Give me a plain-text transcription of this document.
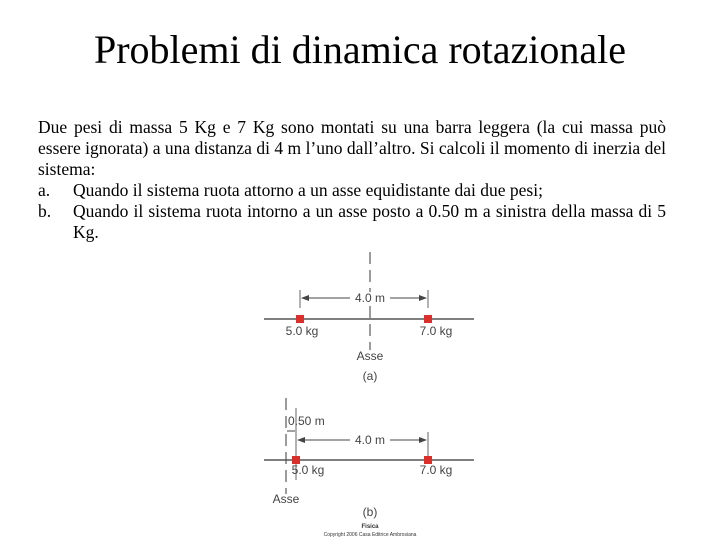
Problemi di dinamica rotazionale

Due pesi di massa 5 Kg e 7 Kg sono montati su una barra leggera (la cui massa può essere ignorata) a una distanza di 4 m l’uno dall’altro. Si calcoli il momento di inerzia del sistema:

a.	Quando il sistema ruota attorno a un asse equidistante dai due pesi;
b.	Quando il sistema ruota intorno a un asse posto a 0.50 m a sinistra della massa di 5 Kg.
4.0 m
5.0 kg	7.0 kg
Asse
(a)
0.50 m
4.0 m
5.0 kg	7.0 kg
Asse
(b)
Fisica
Copyright 2006 Casa Editrice Ambrosiana
